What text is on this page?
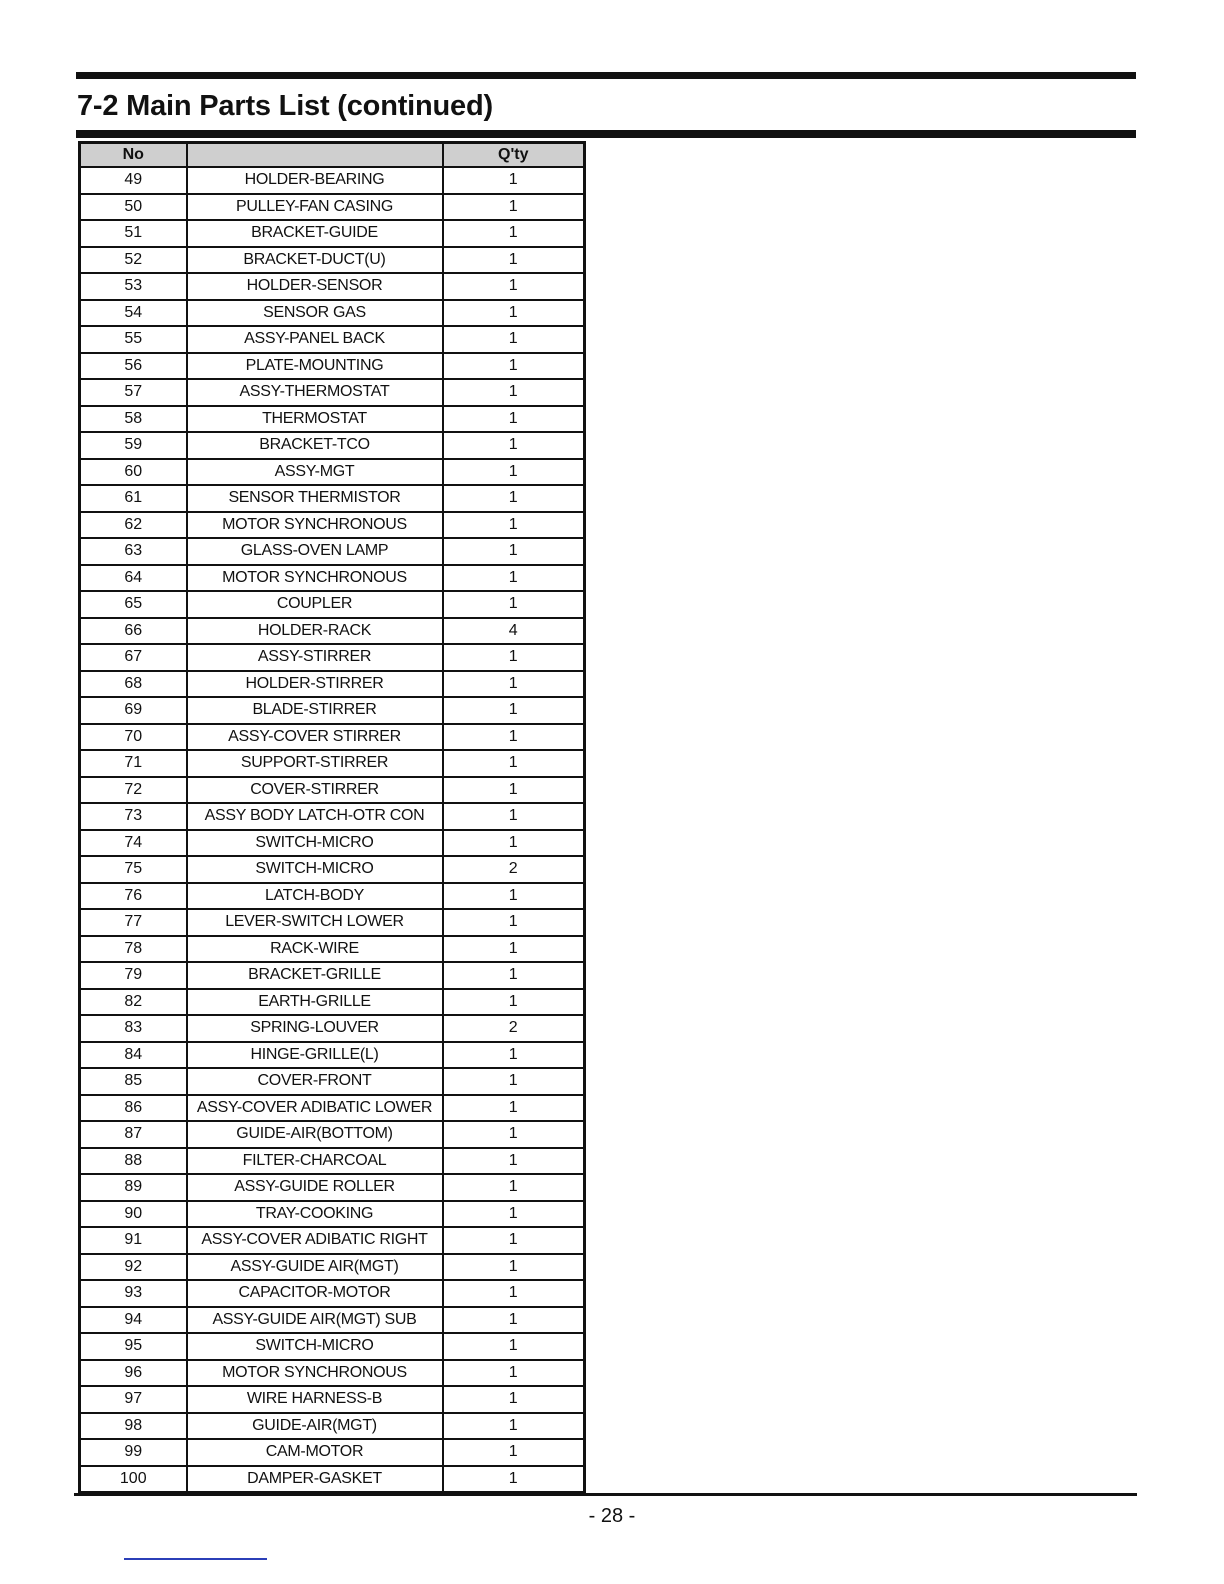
7-2 Main Parts List (continued)
No		Q'ty
49	HOLDER-BEARING	1
50	PULLEY-FAN CASING	1
51	BRACKET-GUIDE	1
52	BRACKET-DUCT(U)	1
53	HOLDER-SENSOR	1
54	SENSOR GAS	1
55	ASSY-PANEL BACK	1
56	PLATE-MOUNTING	1
57	ASSY-THERMOSTAT	1
58	THERMOSTAT	1
59	BRACKET-TCO	1
60	ASSY-MGT	1
61	SENSOR THERMISTOR	1
62	MOTOR SYNCHRONOUS	1
63	GLASS-OVEN LAMP	1
64	MOTOR SYNCHRONOUS	1
65	COUPLER	1
66	HOLDER-RACK	4
67	ASSY-STIRRER	1
68	HOLDER-STIRRER	1
69	BLADE-STIRRER	1
70	ASSY-COVER STIRRER	1
71	SUPPORT-STIRRER	1
72	COVER-STIRRER	1
73	ASSY BODY LATCH-OTR CON	1
74	SWITCH-MICRO	1
75	SWITCH-MICRO	2
76	LATCH-BODY	1
77	LEVER-SWITCH LOWER	1
78	RACK-WIRE	1
79	BRACKET-GRILLE	1
82	EARTH-GRILLE	1
83	SPRING-LOUVER	2
84	HINGE-GRILLE(L)	1
85	COVER-FRONT	1
86	ASSY-COVER ADIBATIC LOWER	1
87	GUIDE-AIR(BOTTOM)	1
88	FILTER-CHARCOAL	1
89	ASSY-GUIDE ROLLER	1
90	TRAY-COOKING	1
91	ASSY-COVER ADIBATIC RIGHT	1
92	ASSY-GUIDE AIR(MGT)	1
93	CAPACITOR-MOTOR	1
94	ASSY-GUIDE AIR(MGT) SUB	1
95	SWITCH-MICRO	1
96	MOTOR SYNCHRONOUS	1
97	WIRE HARNESS-B	1
98	GUIDE-AIR(MGT)	1
99	CAM-MOTOR	1
100	DAMPER-GASKET	1
- 28 -
